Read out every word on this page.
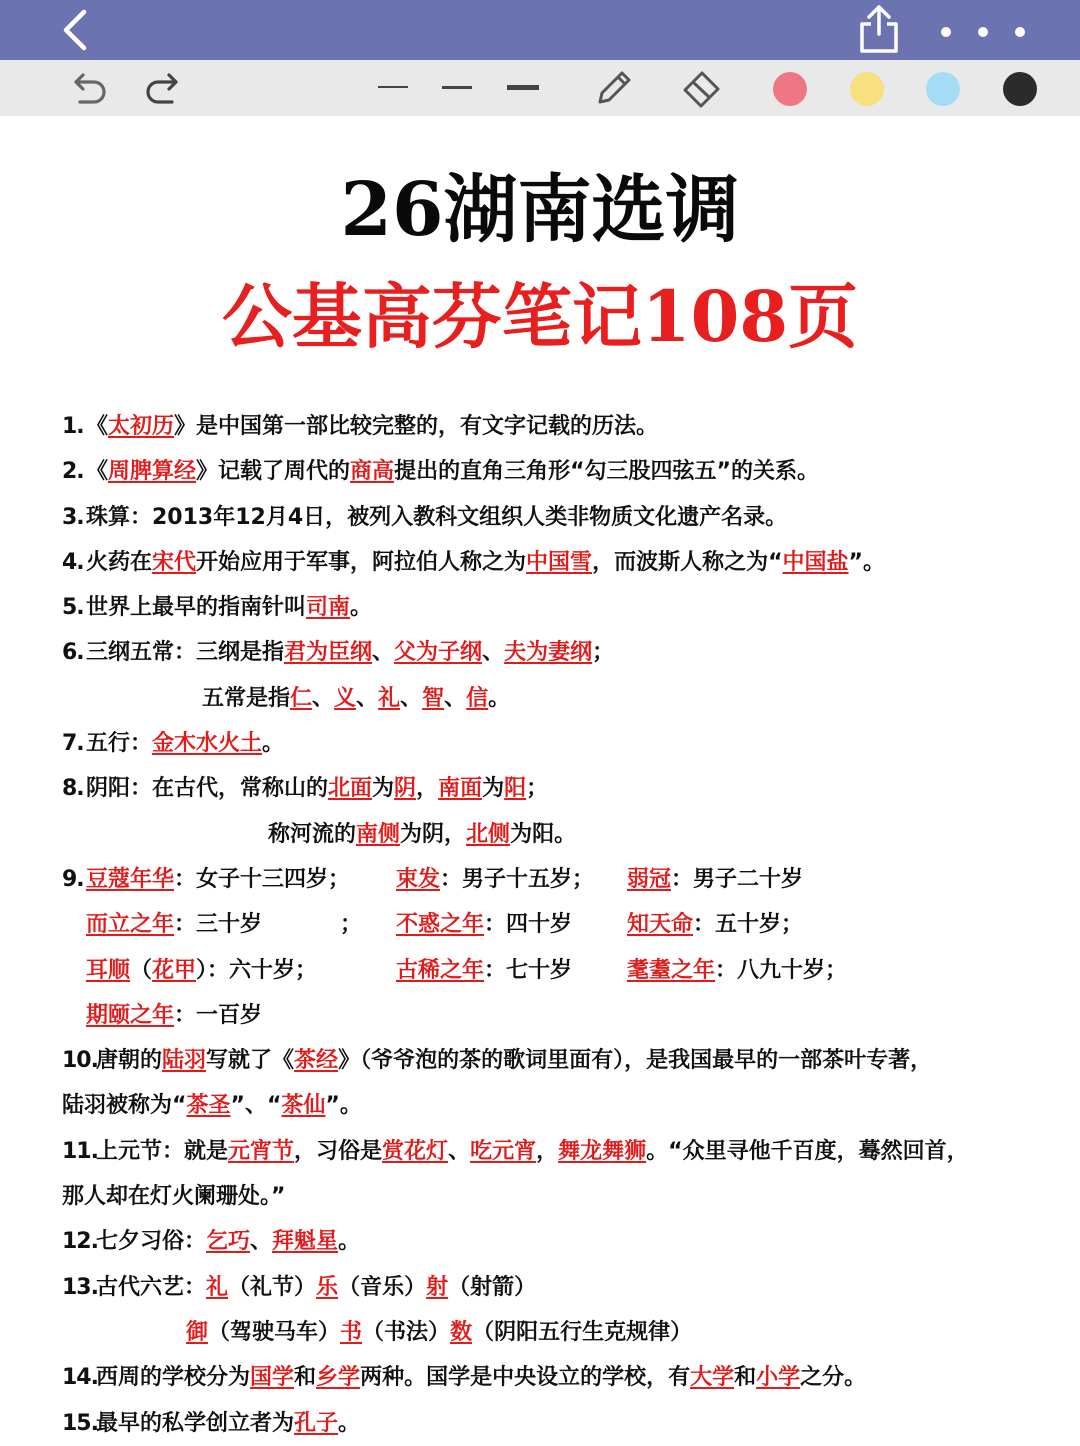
26湖南选调
公基高芬笔记108页
1. 《太初历》是中国第一部比较完整的，有文字记载的历法。
2. 《周脾算经》记载了周代的商高提出的直角三角形“勾三股四弦五”的关系。
3. 珠算：2013年12月4日，被列入教科文组织人类非物质文化遗产名录。
4. 火药在宋代开始应用于军事，阿拉伯人称之为中国雪，而波斯人称之为“中国盐”。
5. 世界上最早的指南针叫司南。
6. 三纲五常：三纲是指君为臣纲、父为子纲、夫为妻纲；
五常是指仁、义、礼、智、信。
7. 五行：金木水火土。
8. 阴阳：在古代，常称山的北面为阴，南面为阳；
称河流的南侧为阴，北侧为阳。
9. 豆蔻年华：女子十三四岁； 束发：男子十五岁； 弱冠：男子二十岁
而立之年：三十岁	； 不惑之年：四十岁 知天命：五十岁；
耳顺（花甲）：六十岁；	古稀之年：七十岁	耄耋之年：八九十岁；
期颐之年：一百岁
10.唐朝的陆羽写就了《茶经》（爷爷泡的茶的歌词里面有），是我国最早的一部茶叶专著，
陆羽被称为“茶圣”、“茶仙”。
11.上元节：就是元宵节，习俗是赏花灯、吃元宵，舞龙舞狮。“众里寻他千百度，蓦然回首，
那人却在灯火阑珊处。”
12.七夕习俗：乞巧、拜魁星。
13.古代六艺：礼（礼节）乐（音乐）射（射箭）
御（驾驶马车）书（书法）数（阴阳五行生克规律）
14.西周的学校分为国学和乡学两种。国学是中央设立的学校，有大学和小学之分。
15.最早的私学创立者为孔子。
